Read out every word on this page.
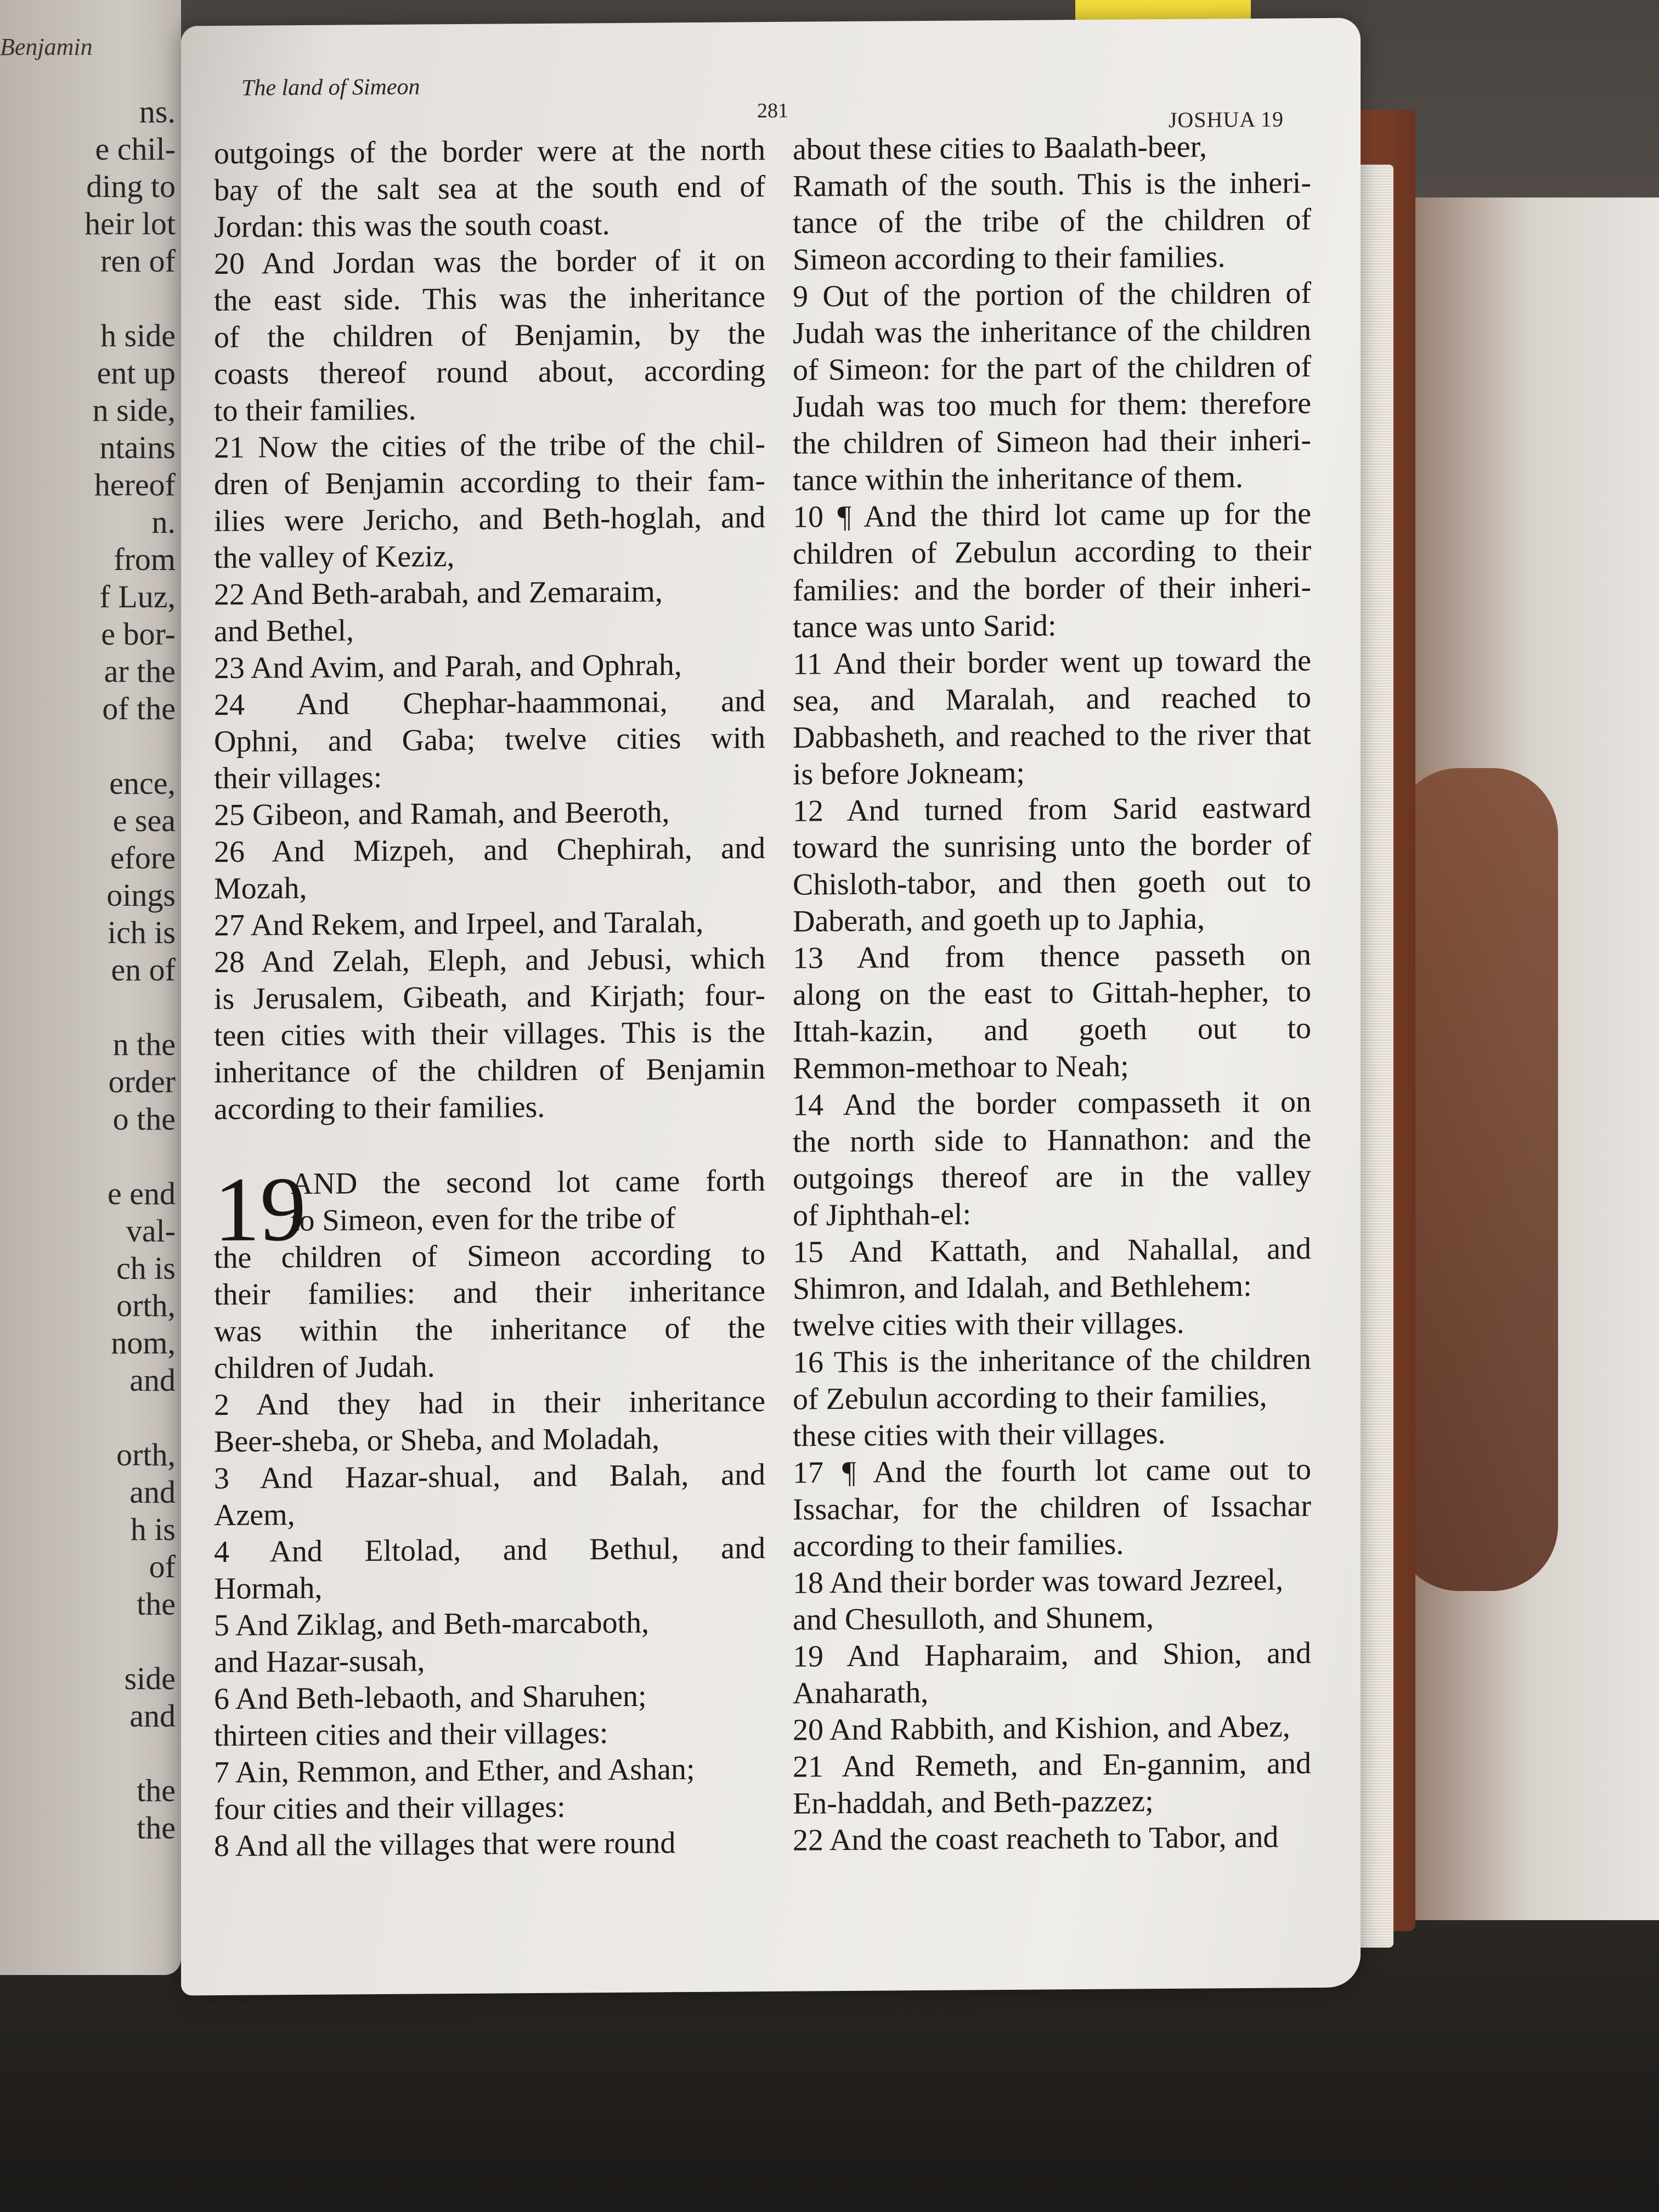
Benjamin
ns.
e chil-
ding to
heir lot
ren of
h side
ent up
n side,
ntains
hereof
n.
from
f Luz,
e bor-
ar the
of the
ence,
e sea
efore
oings
ich is
en of
n the
order
o the
e end
val-
ch is
orth,
nom,
and
orth,
and
h is
of
the
side
and
the
the
The land of Simeon
281	JOSHUA 19
outgoings of the border were at the north
bay of the salt sea at the south end of
Jordan: this was the south coast.
20 And Jordan was the border of it on
the east side. This was the inheritance
of the children of Benjamin, by the
coasts thereof round about, according
to their families.
21 Now the cities of the tribe of the chil-
dren of Benjamin according to their fam-
ilies were Jericho, and Beth-hoglah, and
the valley of Keziz,
22 And Beth-arabah, and Zemaraim,
and Bethel,
23 And Avim, and Parah, and Ophrah,
24 And Chephar-haammonai, and
Ophni, and Gaba; twelve cities with
their villages:
25 Gibeon, and Ramah, and Beeroth,
26 And Mizpeh, and Chephirah, and
Mozah,
27 And Rekem, and Irpeel, and Taralah,
28 And Zelah, Eleph, and Jebusi, which
is Jerusalem, Gibeath, and Kirjath; four-
teen cities with their villages. This is the
inheritance of the children of Benjamin
according to their families.
19
AND the second lot came forth
to Simeon, even for the tribe of
the children of Simeon according to
their families: and their inheritance
was within the inheritance of the
children of Judah.
2 And they had in their inheritance
Beer-sheba, or Sheba, and Moladah,
3 And Hazar-shual, and Balah, and
Azem,
4 And Eltolad, and Bethul, and
Hormah,
5 And Ziklag, and Beth-marcaboth,
and Hazar-susah,
6 And Beth-lebaoth, and Sharuhen;
thirteen cities and their villages:
7 Ain, Remmon, and Ether, and Ashan;
four cities and their villages:
8 And all the villages that were round
about these cities to Baalath-beer,
Ramath of the south. This is the inheri-
tance of the tribe of the children of
Simeon according to their families.
9 Out of the portion of the children of
Judah was the inheritance of the children
of Simeon: for the part of the children of
Judah was too much for them: therefore
the children of Simeon had their inheri-
tance within the inheritance of them.
10 ¶ And the third lot came up for the
children of Zebulun according to their
families: and the border of their inheri-
tance was unto Sarid:
11 And their border went up toward the
sea, and Maralah, and reached to
Dabbasheth, and reached to the river that
is before Jokneam;
12 And turned from Sarid eastward
toward the sunrising unto the border of
Chisloth-tabor, and then goeth out to
Daberath, and goeth up to Japhia,
13 And from thence passeth on
along on the east to Gittah-hepher, to
Ittah-kazin, and goeth out to
Remmon-methoar to Neah;
14 And the border compasseth it on
the north side to Hannathon: and the
outgoings thereof are in the valley
of Jiphthah-el:
15 And Kattath, and Nahallal, and
Shimron, and Idalah, and Bethlehem:
twelve cities with their villages.
16 This is the inheritance of the children
of Zebulun according to their families,
these cities with their villages.
17 ¶ And the fourth lot came out to
Issachar, for the children of Issachar
according to their families.
18 And their border was toward Jezreel,
and Chesulloth, and Shunem,
19 And Hapharaim, and Shion, and
Anaharath,
20 And Rabbith, and Kishion, and Abez,
21 And Remeth, and En-gannim, and
En-haddah, and Beth-pazzez;
22 And the coast reacheth to Tabor, and
